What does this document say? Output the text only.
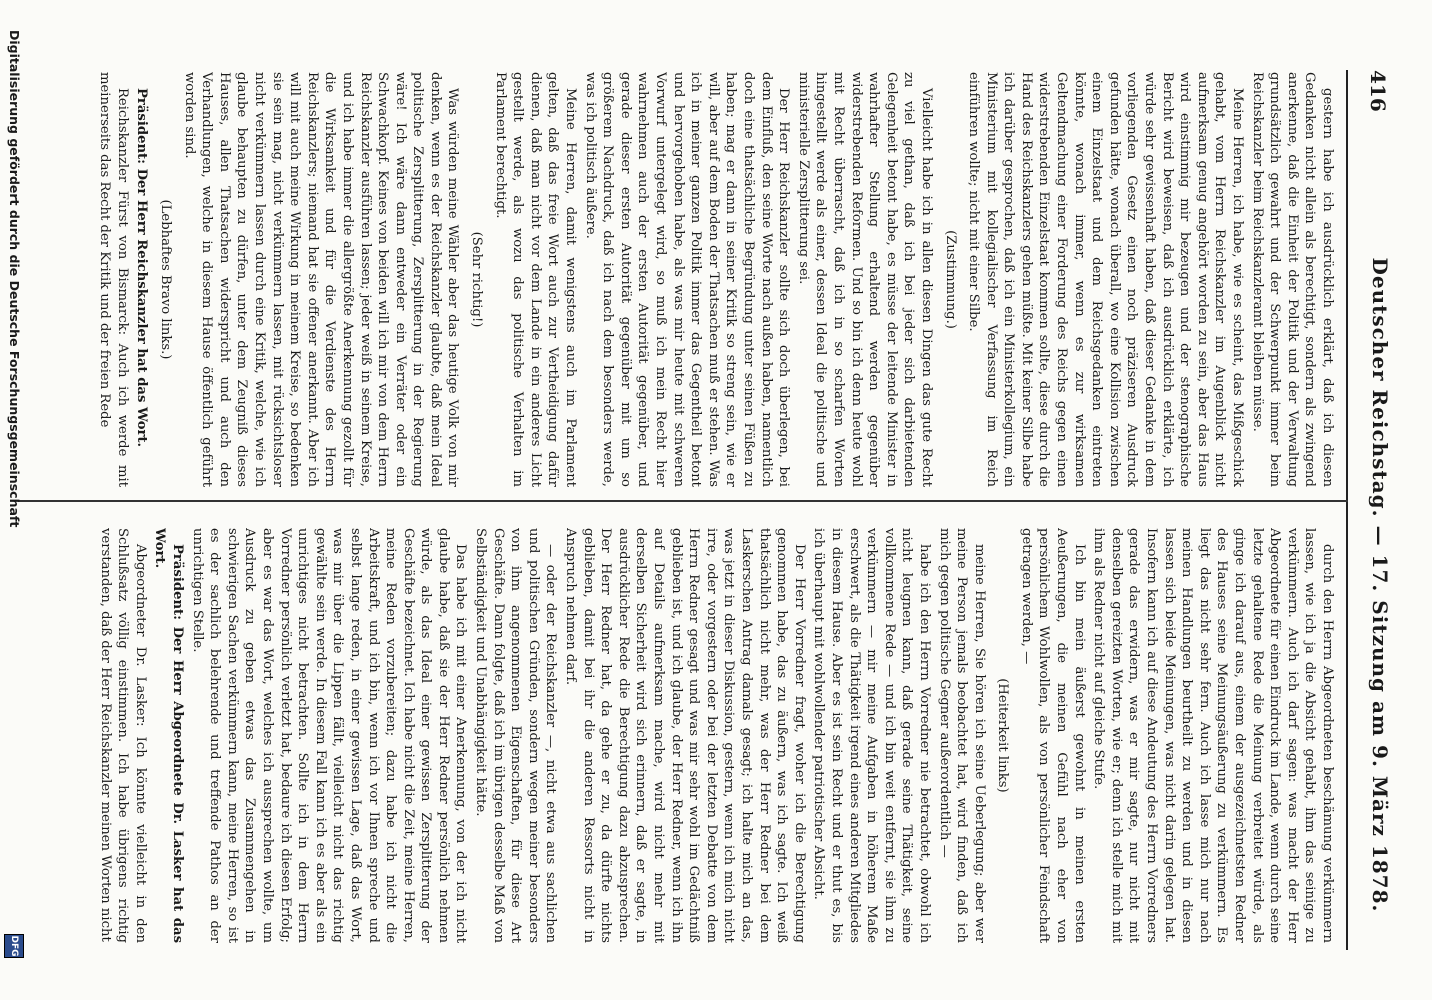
416
Deutscher Reichstag. — 17. Sitzung am 9. März 1878.

gestern habe ich ausdrücklich erklärt, daß ich diesen Gedanken nicht allein als berechtigt, sondern als zwingend anerkenne, daß die Einheit der Politik und der Verwaltung grundsätzlich gewahrt und der Schwerpunkt immer beim Reichskanzler beim Reichskanzleramt bleiben müsse.

Meine Herren, ich habe, wie es scheint, das Mißgeschick gehabt, vom Herrn Reichskanzler im Augenblick nicht aufmerksam genug angehört worden zu sein, aber das Haus wird einstimmig mir bezeugen und der stenographische Bericht wird beweisen, daß ich ausdrücklich erklärte, ich würde sehr gewissenhaft haben, daß dieser Gedanke in dem vorliegenden Gesetz einen noch präziseren Ausdruck gefunden hätte, wonach überall, wo eine Kollision zwischen einem Einzelstaat und dem Reichsgedanken eintreten könnte, wonach immer, wenn es zur wirksamen Geltendmachung einer Forderung des Reichs gegen einen widerstrebenden Einzelstaat kommen sollte, diese durch die Hand des Reichskanzlers gehen müßte. Mit keiner Silbe habe ich darüber gesprochen, daß ich ein Ministerkollegium, ein Ministerium mit kollegialischer Verfassung im Reich einführen wollte; nicht mit einer Silbe.

(Zustimmung.)

Vielleicht habe ich in allen diesen Dingen das gute Recht zu viel gethan, daß ich bei jeder sich darbietenden Gelegenheit betont habe, es müsse der leitende Minister in wahrhafter Stellung erhaltend werden gegenüber widerstrebenden Reformen. Und so bin ich denn heute wohl mit Recht überrascht, daß ich in so scharfen Worten hingestellt werde als einer, dessen Ideal die politische und ministerielle Zersplitterung sei.

Der Herr Reichskanzler sollte sich doch überlegen, bei dem Einfluß, den seine Worte nach außen haben, namentlich doch eine thatsächliche Begründung unter seinen Füßen zu haben; mag er dann in seiner Kritik so streng sein, wie er will, aber auf dem Boden der Thatsachen muß er stehen. Was ich in meiner ganzen Politik immer das Gegentheil betont und hervorgehoben habe, als was mir heute mit schweren Vorwurf untergelegt wird, so muß ich mein Recht hier wahrnehmen auch der ersten Autorität gegenüber, und gerade dieser ersten Autorität gegenüber mit um so größerem Nachdruck, daß ich nach dem besonders werde, was ich politisch äußere.

Meine Herren, damit wenigstens auch im Parlament gelten, daß das freie Wort auch zur Vertheidigung dafür dienen, daß man nicht vor dem Lande in ein anderes Licht gestellt werde, als wozu das politische Verhalten im Parlament berechtigt.

(Sehr richtig!)

Was würden meine Wähler aber das heutige Volk von mir denken, wenn es der Reichskanzler glaubte, daß mein Ideal politische Zersplitterung, Zersplitterung in der Regierung wäre! Ich wäre dann entweder ein Verräter oder ein Schwachkopf. Keines von beiden will ich mir von dem Herrn Reichskanzler ausführen lassen; jeder weiß in seinem Kreise, und ich habe immer die allergrößte Anerkennung gezollt für die Wirksamkeit und für die Verdienste des Herrn Reichskanzlers; niemand hat sie offener anerkannt. Aber ich will mit auch meine Wirkung in meinem Kreise, so bedenken sie sein mag, nicht verkümmern lassen, mit rücksichtsloser nicht verkümmern lassen durch eine Kritik, welche, wie ich glaube behaupten zu dürfen, unter dem Zeugniß dieses Hauses, allen Thatsachen widerspricht und auch den Verhandlungen, welche in diesem Hause öffentlich geführt worden sind.

(Lebhaftes Bravo links.)

Präsident: Der Herr Reichskanzler hat das Wort.

Reichskanzler Fürst von Bismarck: Auch ich werde mit meinerseits das Recht der Kritik und der freien Rede

durch den Herrn Abgeordneten beschämung verkümmern lassen, wie ich ja die Absicht gehabt, ihm das seinige zu verkümmern. Auch ich darf sagen: was macht der Herr Abgeordnete für einen Eindruck im Lande, wenn durch seine letzte gehaltene Rede die Meinung verbreitet würde, als ginge ich darauf aus, einem der ausgezeichnetsten Redner des Hauses seine Meinungsäußerung zu verkümmern. Es liegt das nicht sehr fern. Auch ich lasse mich nur nach meinen Handlungen beurtheilt zu werden und in diesen lassen sich beide Meinungen, was nicht darin gelegen hat. Insofern kann ich auf diese Andeutung des Herrn Vorredners gerade das erwidern, was er mir sagte, nur nicht mit denselben gereizten Worten, wie er; denn ich stelle mich mit ihm als Redner nicht auf gleiche Stufe.

Ich bin mein äußerst gewohnt in meinen ersten Aeußerungen, die meinen Gefühl nach eher von persönlichem Wohlwollen, als von persönlicher Feindschaft getragen werden, —

(Heiterkeit links)

meine Herren, Sie hören ich seine Ueberlegung; aber wer meine Person jemals beobachtet hat, wird finden, daß ich mich gegen politische Gegner außerordentlich —

habe ich den Herrn Vorredner nie betrachtet, obwohl ich nicht leugnen kann, daß gerade seine Thätigkeit, seine vollkommene Rede — und ich bin weit entfernt, sie ihm zu verkümmern — mir meine Aufgaben in höherem Maße erschwert, als die Thätigkeit irgend eines anderen Mitgliedes in diesem Hause. Aber es ist sein Recht und er thut es, bis ich überhaupt mit wohlwollender patriotischer Absicht.

Der Herr Vorredner fragt, woher ich die Berechtigung genommen habe, das zu äußern, was ich sagte. Ich weiß thatsächlich nicht mehr, was der Herr Redner bei dem Laskerschen Antrag damals gesagt; ich halte mich an das, was jetzt in dieser Diskussion, gestern, wenn ich mich nicht irre, oder vorgestern oder bei der letzten Debatte von dem Herrn Redner gesagt und was mir sehr wohl im Gedächtniß geblieben ist, und ich glaube, der Herr Redner, wenn ich ihn auf Details aufmerksam mache, wird nicht mehr mit derselben Sicherheit wird sich erinnern, daß er sagte, in ausdrücklicher Rede die Berechtigung dazu abzusprechen. Der Herr Redner hat, da gehe er zu, da dürfte nichts geblieben, damit bei ihr die anderen Ressorts nicht in Anspruch nehmen darf.

— oder der Reichskanzler —, nicht etwa aus sachlichen und politischen Gründen, sondern wegen meiner besonders von ihm angenommenen Eigenschaften, für diese Art Geschäfte. Dann folgte, daß ich im übrigen desselbe Maß von Selbständigkeit und Unabhängigkeit hätte.

Das habe ich mit einer Anerkennung, von der ich nicht glaube habe, daß sie der Herr Redner persönlich nehmen würde, als das Ideal einer gewissen Zersplitterung der Geschäfte bezeichnet. Ich habe nicht die Zeit, meine Herren, meine Reden vorzubereiten; dazu habe ich nicht die Arbeitskraft, und ich bin, wenn ich vor Ihnen spreche und selbst lange reden, in einer gewissen Lage, daß das Wort, was mir über die Lippen fällt, vielleicht nicht das richtig gewählte sein werde. In diesem Fall kann ich es aber als ein unrichtiges nicht betrachten. Sollte ich in dem Herrn Vorredner persönlich verletzt hat, bedaure ich diesen Erfolg; aber es war das Wort, welches ich aussprechen wollte, um Ausdruck zu geben etwas das Zusammengehen in schwierigen Sachen verkümmern kann, meine Herren, so ist es der sachlich belehrende und treffende Pathos an der unrichtigen Stelle.

Präsident: Der Herr Abgeordnete Dr. Lasker hat das Wort.

Abgeordneter Dr. Lasker: Ich könnte vielleicht in den Schlußsatz völlig einstimmen. Ich habe übrigens richtig verstanden, daß der Herr Reichskanzler meinen Worten nicht

Digitalisierung gefördert durch die Deutsche Forschungsgemeinschaft
DFG
